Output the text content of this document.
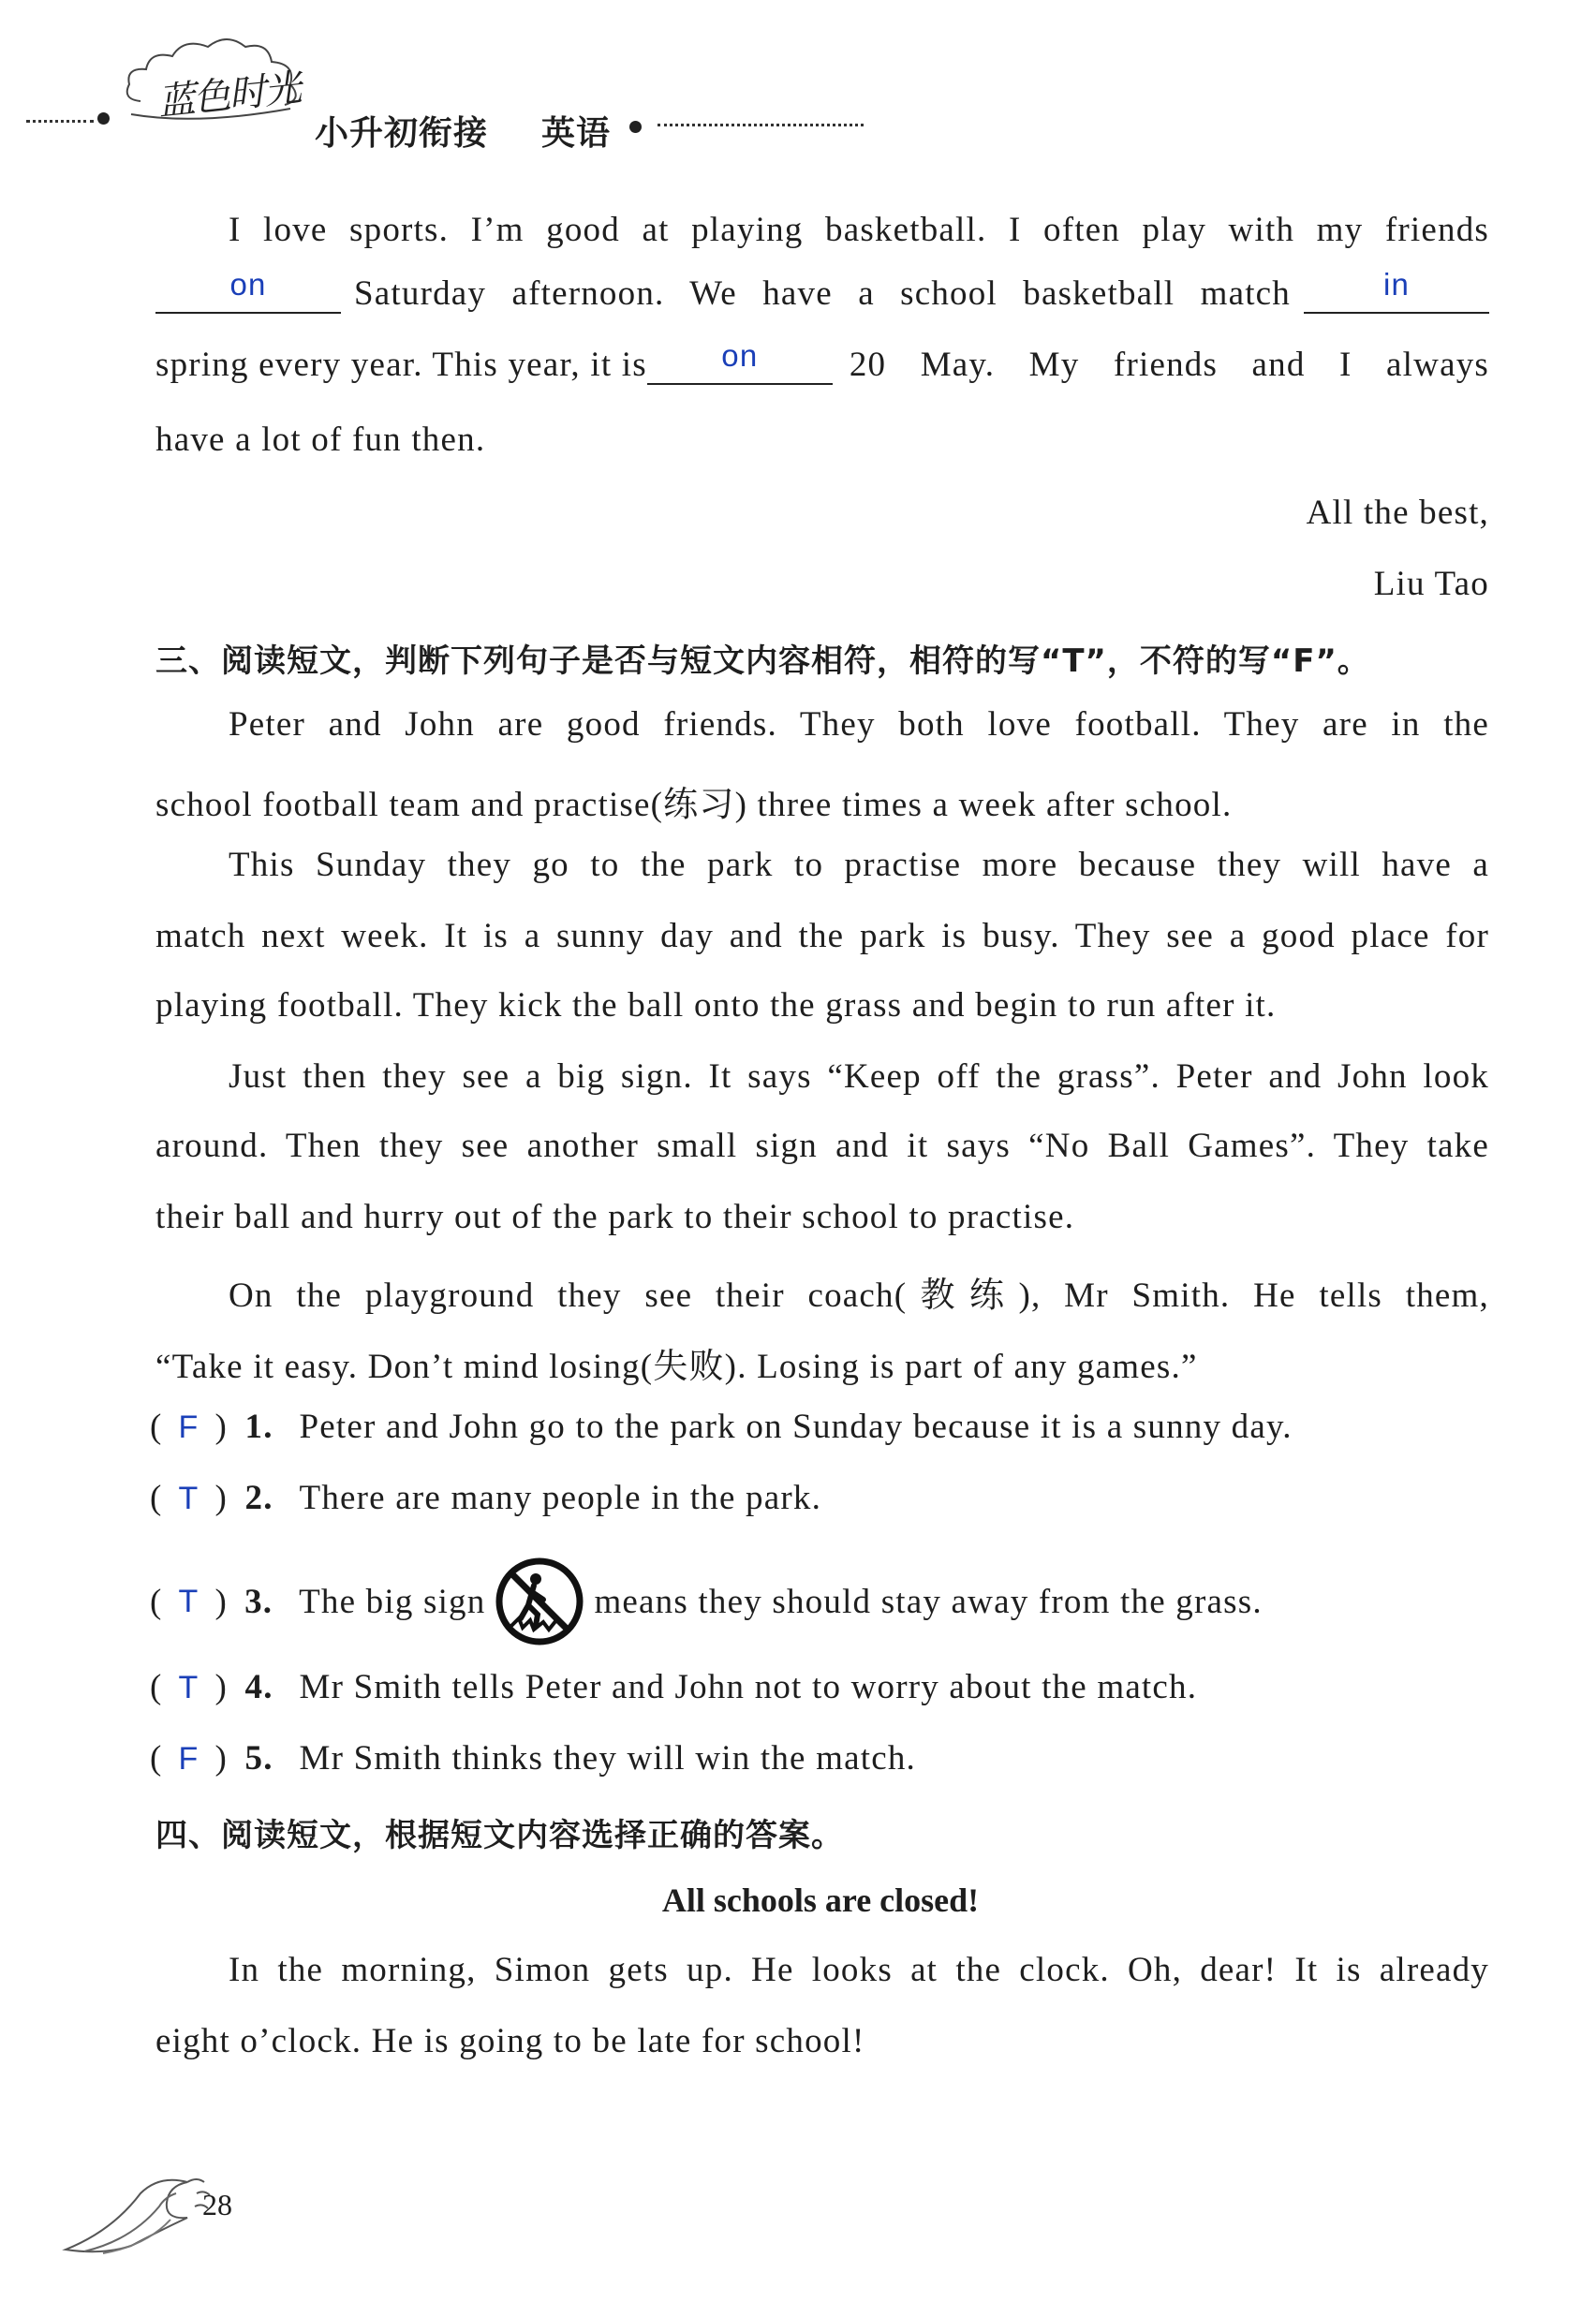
蓝色时光
小升初衔接 英语
I love sports. I’m good at playing basketball. I often play with my friends
on	Saturday afternoon. We have a school basketball match	in
spring every year. This year, it is	on	20 May. My friends and I always
have a lot of fun then.
All the best,
Liu Tao
三、阅读短文，判断下列句子是否与短文内容相符，相符的写“T”，不符的写“F”。
Peter and John are good friends. They both love football. They are in the
school football team and practise(练习) three times a week after school.
This Sunday they go to the park to practise more because they will have a
match next week. It is a sunny day and the park is busy. They see a good place for
playing football. They kick the ball onto the grass and begin to run after it.
Just then they see a big sign. It says “Keep off the grass”. Peter and John look
around. Then they see another small sign and it says “No Ball Games”. They take
their ball and hurry out of the park to their school to practise.
On the playground they see their coach(教练), Mr Smith. He tells them,
“Take it easy. Don’t mind losing(失败). Losing is part of any games.”
( F ) 1. Peter and John go to the park on Sunday because it is a sunny day.
( T ) 2. There are many people in the park.
( T ) 3. The big sign	means they should stay away from the grass.
( T ) 4. Mr Smith tells Peter and John not to worry about the match.
( F ) 5. Mr Smith thinks they will win the match.
四、阅读短文，根据短文内容选择正确的答案。
All schools are closed!
In the morning, Simon gets up. He looks at the clock. Oh, dear! It is already
eight o’clock. He is going to be late for school!
28
